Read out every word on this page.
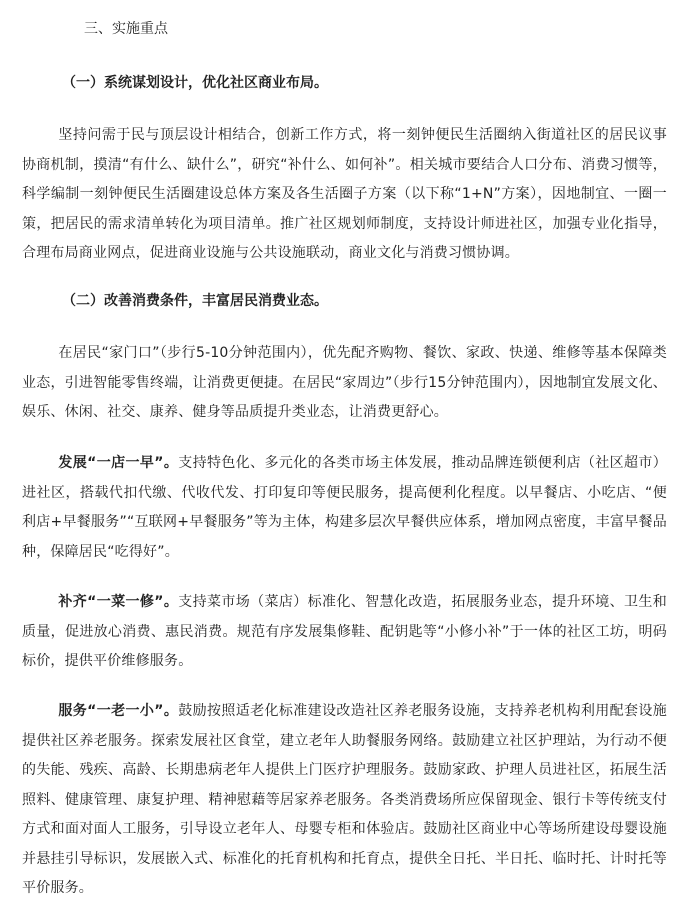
三、实施重点

（一）系统谋划设计，优化社区商业布局。

坚持问需于民与顶层设计相结合，创新工作方式，将一刻钟便民生活圈纳入街道社区的居民议事协商机制，摸清“有什么、缺什么”，研究“补什么、如何补”。相关城市要结合人口分布、消费习惯等，科学编制一刻钟便民生活圈建设总体方案及各生活圈子方案（以下称“1+N”方案），因地制宜、一圈一策，把居民的需求清单转化为项目清单。推广社区规划师制度，支持设计师进社区，加强专业化指导，合理布局商业网点，促进商业设施与公共设施联动，商业文化与消费习惯协调。

（二）改善消费条件，丰富居民消费业态。

在居民“家门口”（步行5-10分钟范围内），优先配齐购物、餐饮、家政、快递、维修等基本保障类业态，引进智能零售终端，让消费更便捷。在居民“家周边”（步行15分钟范围内），因地制宜发展文化、娱乐、休闲、社交、康养、健身等品质提升类业态，让消费更舒心。

发展“一店一早”。支持特色化、多元化的各类市场主体发展，推动品牌连锁便利店（社区超市）进社区，搭载代扣代缴、代收代发、打印复印等便民服务，提高便利化程度。以早餐店、小吃店、“便利店+早餐服务”“互联网+早餐服务”等为主体，构建多层次早餐供应体系，增加网点密度，丰富早餐品种，保障居民“吃得好”。

补齐“一菜一修”。支持菜市场（菜店）标准化、智慧化改造，拓展服务业态，提升环境、卫生和质量，促进放心消费、惠民消费。规范有序发展集修鞋、配钥匙等“小修小补”于一体的社区工坊，明码标价，提供平价维修服务。

服务“一老一小”。鼓励按照适老化标准建设改造社区养老服务设施，支持养老机构利用配套设施提供社区养老服务。探索发展社区食堂，建立老年人助餐服务网络。鼓励建立社区护理站，为行动不便的失能、残疾、高龄、长期患病老年人提供上门医疗护理服务。鼓励家政、护理人员进社区，拓展生活照料、健康管理、康复护理、精神慰藉等居家养老服务。各类消费场所应保留现金、银行卡等传统支付方式和面对面人工服务，引导设立老年人、母婴专柜和体验店。鼓励社区商业中心等场所建设母婴设施并悬挂引导标识，发展嵌入式、标准化的托育机构和托育点，提供全日托、半日托、临时托、计时托等平价服务。
